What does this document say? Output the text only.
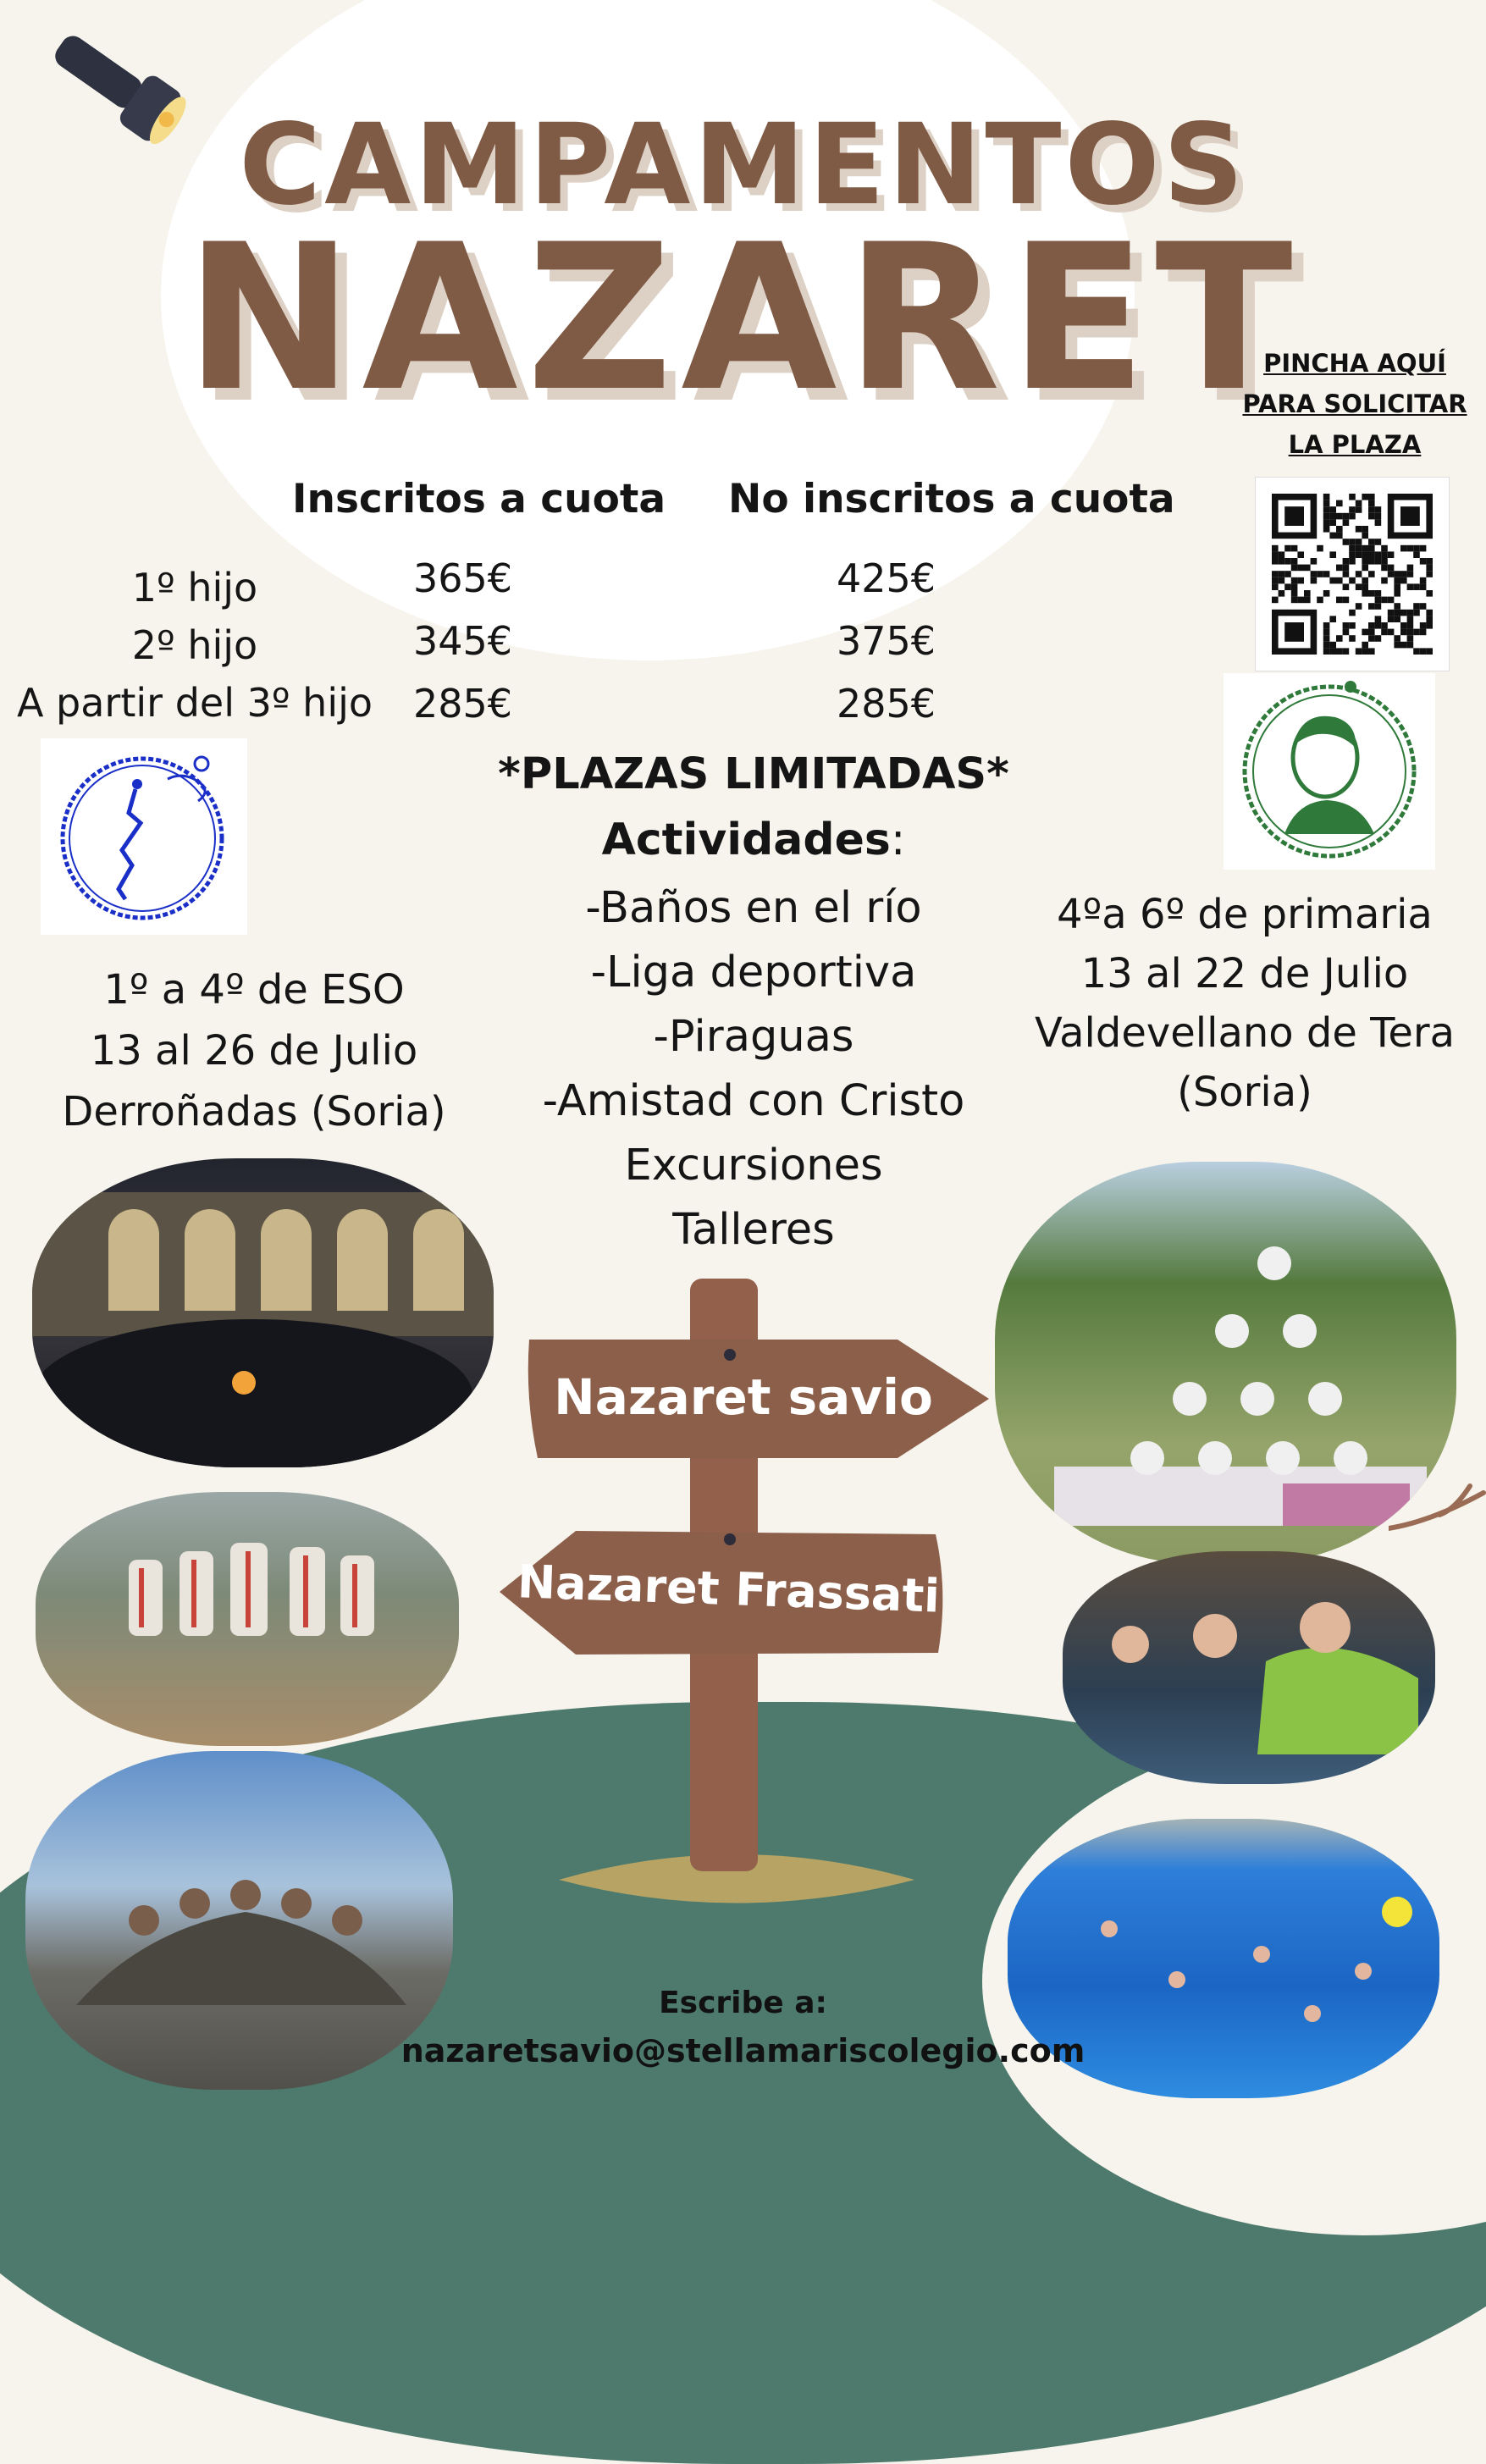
CAMPAMENTOS
NAZARET
PINCHA AQUÍ
PARA SOLICITAR
LA PLAZA
Inscritos a cuota No inscritos a cuota
1º hijo
2º hijo
A partir del 3º hijo
365€
345€
285€
425€
375€
285€
*PLAZAS LIMITADAS*
Actividades:
-Baños en el río
-Liga deportiva
-Piraguas
-Amistad con Cristo
Excursiones
Talleres
1º a 4º de ESO
13 al 26 de Julio
Derroñadas (Soria)
4ºa 6º de primaria
13 al 22 de Julio
Valdevellano de Tera
(Soria)
Nazaret savio
Nazaret Frassati
Escribe a:
nazaretsavio@stellamariscolegio.com
